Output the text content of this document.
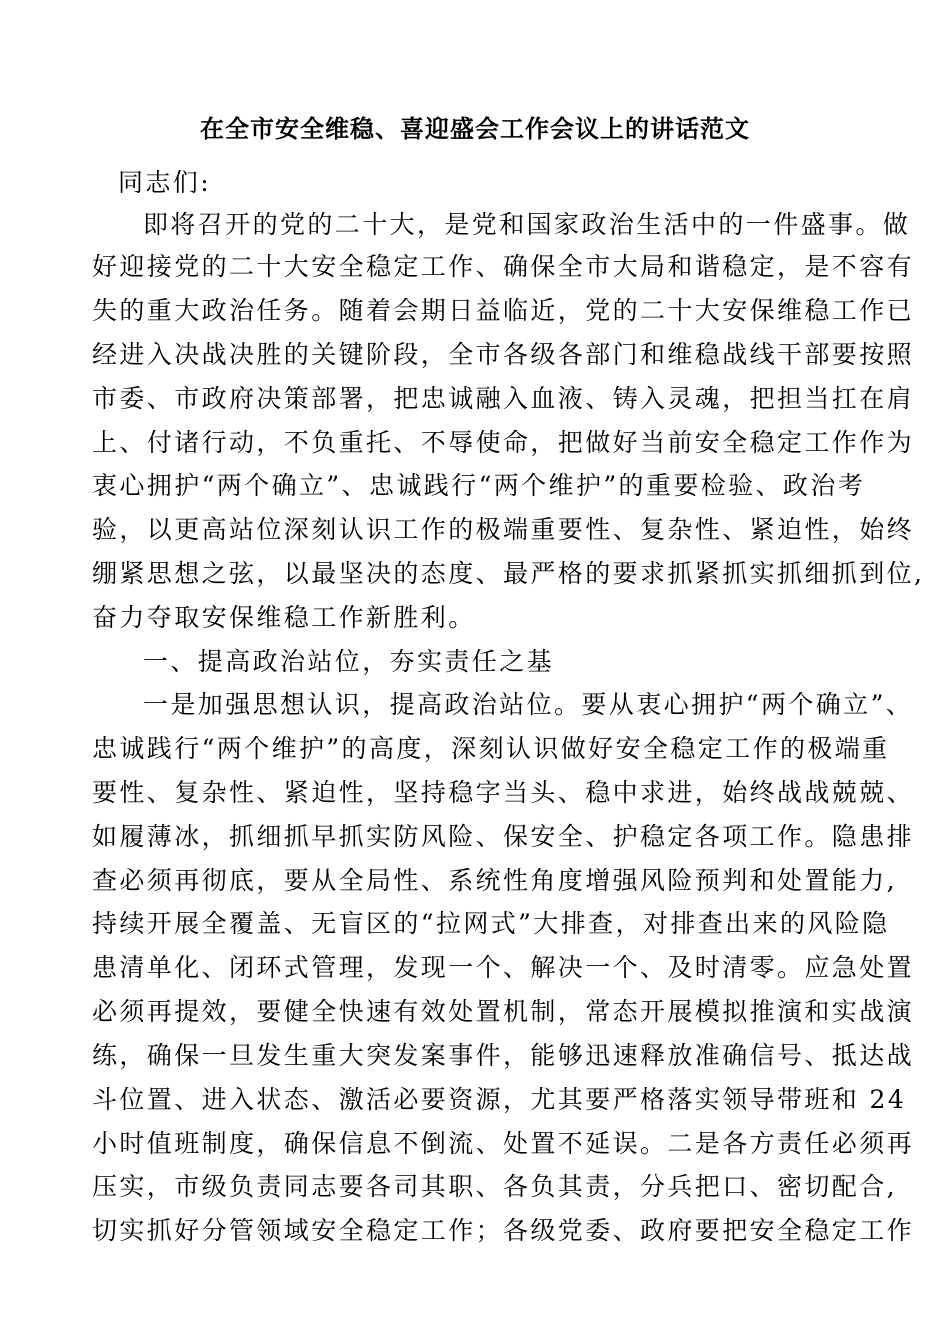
在全市安全维稳、喜迎盛会工作会议上的讲话范文
同志们:
即将召开的党的二十大，是党和国家政治生活中的一件盛事。做
好迎接党的二十大安全稳定工作、确保全市大局和谐稳定，是不容有
失的重大政治任务。随着会期日益临近，党的二十大安保维稳工作已
经进入决战决胜的关键阶段，全市各级各部门和维稳战线干部要按照
市委、市政府决策部署，把忠诚融入血液、铸入灵魂，把担当扛在肩
上、付诸行动，不负重托、不辱使命，把做好当前安全稳定工作作为
衷心拥护“两个确立”、忠诚践行“两个维护”的重要检验、政治考
验，以更高站位深刻认识工作的极端重要性、复杂性、紧迫性，始终
绷紧思想之弦，以最坚决的态度、最严格的要求抓紧抓实抓细抓到位,
奋力夺取安保维稳工作新胜利。
一、提高政治站位，夯实责任之基
一是加强思想认识，提高政治站位。要从衷心拥护“两个确立”、
忠诚践行“两个维护”的高度，深刻认识做好安全稳定工作的极端重
要性、复杂性、紧迫性，坚持稳字当头、稳中求进，始终战战兢兢、
如履薄冰，抓细抓早抓实防风险、保安全、护稳定各项工作。隐患排
查必须再彻底，要从全局性、系统性角度增强风险预判和处置能力,
持续开展全覆盖、无盲区的“拉网式”大排查，对排查出来的风险隐
患清单化、闭环式管理，发现一个、解决一个、及时清零。应急处置
必须再提效，要健全快速有效处置机制，常态开展模拟推演和实战演
练，确保一旦发生重大突发案事件，能够迅速释放准确信号、抵达战
斗位置、进入状态、激活必要资源，尤其要严格落实领导带班和 24
小时值班制度，确保信息不倒流、处置不延误。二是各方责任必须再
压实，市级负责同志要各司其职、各负其责，分兵把口、密切配合,
切实抓好分管领域安全稳定工作；各级党委、政府要把安全稳定工作
